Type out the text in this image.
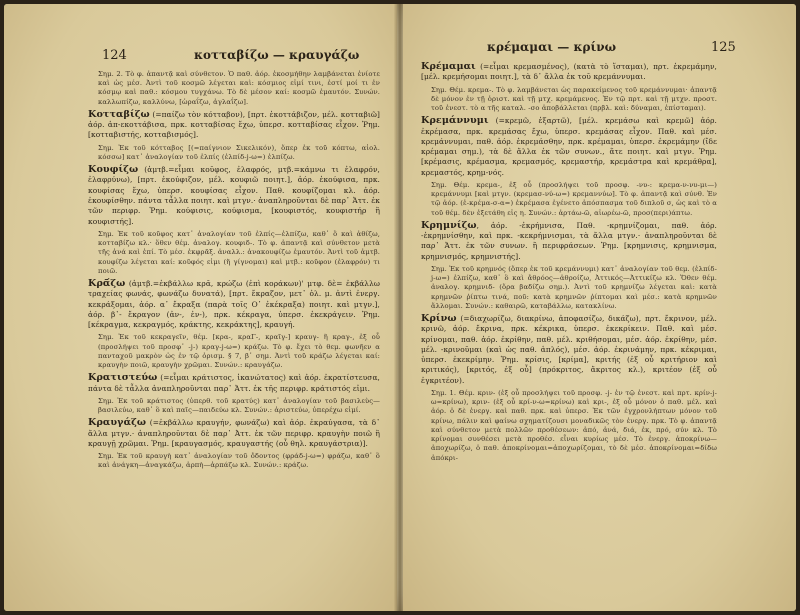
124	κοτταβίζω — κραυγάζω

Σημ. 2. Τὸ φ. ἀπαντᾷ καὶ σύνθετον. Ὁ παθ. ἀόρ. ἐκοσμήθην λαμβάνεται ἐνίοτε καὶ ὡς μέσ. Ἀντὶ τοῦ κοσμῶ λέγεται καὶ: κόσμιος εἰμί τινι, ἐστί μοί τι ἐν κόσμῳ καὶ παθ.: κόσμου τυγχάνω. Τὸ δὲ μέσον καί: κοσμῶ ἐμαυτόν. Συνών. καλλωπίζω, καλλύνω, [ὡραΐζω, ἀγλαΐζω].

Κοτταβίζω (=παίζω τὸν κότταβον), [πρτ. ἐκοττάβιζον, μέλ. κοτταβιῶ] ἀόρ. ἀπ-εκοττάβισα, πρκ. κοτταβίσας ἔχω, ὑπερσ. κοτταβίσας εἶχον. Ῥημ. [κοτταβιστής, κοτταβισμός].

Σημ. Ἐκ τοῦ κότταβος [(=παίγνιον Σικελικόν), ὅπερ ἐκ τοῦ κόπτω, αἰολ. κόσσω] κατ᾽ ἀναλογίαν τοῦ ἐλπίς (ἐλπίδ-j-ω=) ἐλπίζω.

Κουφίζω (ἀμτβ.=εἶμαι κοῦφος, ἐλαφρός, μτβ.=κάμνω τι ἐλαφρόν, ἐλαφρύνω), [πρτ. ἐκούφιζον, μέλ. κουφιῶ ποιητ.], ἀόρ. ἐκούφισα, πρκ. κουφίσας ἔχω, ὑπερσ. κουφίσας εἶχον. Παθ. κουφίζομαι κλ. ἀόρ. ἐκουφίσθην. πάντα τἆλλα ποιητ. καὶ μτγν.· ἀναπληροῦνται δὲ παρ᾽ Ἀττ. ἐκ τῶν περιφρ. Ῥημ. κούφισις, κούφισμα, [κουφιστός, κουφιστήρ ἢ κουφιστής].

Σημ. Ἐκ τοῦ κοῦφος κατ᾽ ἀναλογίαν τοῦ ἐλπίς—ἐλπίζω, καθ᾽ ὃ καὶ ἀθίζω, κοτταβίζω κλ.· ὅθεν θέμ. ἀναλογ. κουφιδ-. Τὸ φ. ἀπαντᾷ καὶ σύνθετον μετὰ τῆς ἀνά καὶ ἐπί. Τὸ μέσ. ἐκφρᾶξ. ἀναλλ.: ἀνακουφίζω ἐμαυτόν. Ἀντὶ τοῦ ἀμτβ. κουφίζω λέγεται καί: κοῦφός εἰμι (ἢ γίγνομαι) καὶ μτβ.: κοῦφον (ἐλαφρόν) τι ποιῶ.

Κρᾱ́ζω (ἀμτβ.=ἐκβάλλω κρᾶ, κρώζω (ἐπὶ κοράκων)' μτφ. δὲ= ἐκβάλλω τραχείας φωνάς, φωνάζω δυνατά), [πρτ. ἔκραζον, μετ᾽ ὀλ. μ. ἀντὶ ἐνεργ. κεκράξομαι, ἀόρ. α᾽ ἔκραξα (παρὰ τοῖς Ο᾽ ἐκέκραξα) ποιητ. καὶ μτγν.], ἀόρ. β᾽- ἔκραγον (ἀν-, ἐν-), πρκ. κέκραγα, ὑπερσ. ἐκεκράγειν. Ῥημ. [κέκραγμα, κεκραγμός, κράκτης, κεκράκτης], κραυγή.

Σημ. Ἐκ τοῦ κεκραγεῖν, θέμ. [κρα-, κραΓ-, κραῖγ-] κραυγ- ἢ κραγ-, ἐξ οὗ (προσλήψει τοῦ προσφ᾽ -j-) κραγ-j-ω=) κράζω. Τὸ φ. ἔχει τὸ θεμ. φωνῆεν α πανταχοῦ μακρὸν ὡς ἐν τῷ ὀρισμ. § 7, β᾽ σημ. Ἀντὶ τοῦ κράζω λέγεται καί: κραυγὴν ποιῶ, κραυγὴν χρῶμαι. Συνών.: κραυγάζω.

Κρατιστεύω (=εἶμαι κράτιστος, ἱκανώτατος) καὶ ἀόρ. ἐκρατίστευσα, πάντα δὲ τἆλλα ἀναπληροῦνται παρ᾽ Ἀττ. ἐκ τῆς περιφρ. κράτιστός εἰμι.

Σημ. Ἐκ τοῦ κράτιστος (ὑπερθ. τοῦ κρατύς) κατ᾽ ἀναλογίαν τοῦ βασιλεὺς—βασιλεύω, καθ᾽ ὃ καὶ παῖς—παιδεύω κλ. Συνών.: ἀριστεύω, ὑπερέχω εἰμί.

Κραυγάζω (=ἐκβάλλω κραυγήν, φωνάζω) καὶ ἀόρ. ἐκραύγασα, τὰ δ᾽ ἄλλα μτγν.· ἀναπληροῦνται δὲ παρ᾽ Ἀττ. ἐκ τῶν περιφρ. κραυγὴν ποιῶ ἢ κραυγῇ χρῶμαι. Ῥημ. [κραυγασμός, κραυγαστής (οὗ θηλ. κραυγάστρια)].

Σημ. Ἐκ τοῦ κραυγὴ κατ᾽ ἀναλογίαν τοῦ ὄδοντος (φράδ-j-ω=) φράζω, καθ᾽ ὃ καὶ ἀνάγκη—ἀναγκάζω, ἁρπὴ—ἁρπάζω κλ. Συνών.: κράζω.

κρέμαμαι — κρίνω	125

Κρέμαμαι (=εἶμαι κρεμασμένος), (κατὰ τὸ ἵσταμαι), πρτ. ἐκρεμάμην, [μέλ. κρεμήσομαι ποιητ.], τὰ δ᾽ ἄλλα ἐκ τοῦ κρεμάννυμαι.

Σημ. Θέμ. κρεμα-. Τὸ φ. λαμβάνεται ὡς παρακείμενος τοῦ κρεμάννυμαι· ἀπαντᾷ δὲ μόνον ἐν τῇ ὁριστ. καὶ τῇ μτχ. κρεμάμενος. Ἐν τῷ πρτ. καὶ τῇ μτχν. προστ. τοῦ ἐνεστ. τὸ α τῆς καταλ. -σο ἀποβάλλεται (πρβλ. καὶ: δύναμαι, ἐπίσταμαι).

Κρεμάννυμι (=κρεμῶ, ἐξαρτῶ), [μέλ. κρεμάσω καὶ κρεμῶ] ἀόρ. ἐκρέμασα, πρκ. κρεμάσας ἔχω, ὑπερσ. κρεμάσας εἶχον. Παθ. καὶ μέσ. κρεμάννυμαι, παθ. ἀόρ. ἐκρεμάσθην, πρκ. κρέμαμαι, ὑπερσ. ἐκρεμάμην (ἴδε κρέμαμαι σημ.), τὰ δὲ ἄλλα ἐκ τῶν συνων., ἅτε ποιητ. καὶ μτγν. Ῥημ. [κρέμασις, κρέμασμα, κρεμασμός, κρεμαστήρ, κρεμάστρα καὶ κρεμάθρα], κρεμαστός, κρημ-νός.

Σημ. Θέμ. κρεμα-, ἐξ οὗ (προσλήψει τοῦ προσφ. -νυ-: κρεμα-ν-νυ-μι—) κρεμάννυμι [καὶ μτγν. (κρεμασ-νύ-ω=) κρεμαννύω]. Τὸ φ. ἀπαντᾷ καὶ σύνθ. Ἐν τῷ ἀόρ. (ἐ-κρέμα-σ-α=) ἐκρέμασα ἐγένετο ἀπόσπασμα τοῦ διπλοῦ σ, ὡς καὶ τὸ α τοῦ θέμ. δὲν ἐξετάθη εἰς η. Συνών.: ἀρτάω-ῶ, αἰωρέω-ῶ, προσ(περι)άπτω.

Κρημνίζω, ἀόρ. -ἐκρήμνισα, Παθ. -κρημνίζομαι, παθ. ἀόρ. -ἐκρημνίσθην, καὶ πρκ. -κεκρήμνισμαι, τὰ ἄλλα μτγν.· ἀναπληροῦνται δὲ παρ᾽ Ἀττ. ἐκ τῶν συνων. ἢ περιφράσεων. Ῥημ. [κρημνισις, κρημνισμα, κρημνισμός, κρημνιστής].

Σημ. Ἐκ τοῦ κρημνός (ὅπερ ἐκ τοῦ κρεμάννυμι) κατ᾽ ἀναλογίαν τοῦ θεμ. (ἐλπίδ-j-ω=) ἐλπίζω, καθ᾽ ὃ καὶ ἄθρόος—ἀθροίζω, Ἀττικός—Ἀττικίζω κλ. Ὅθεν θέμ. ἀναλογ. κρημνιδ- (ὅρα βαδίζω σημ.). Ἀντὶ τοῦ κρημνίζω λέγεται καὶ: κατὰ κρημνῶν ῥίπτω τινά, ποῦ: κατὰ κρημνῶν ῥίπτομαι καὶ μέσ.: κατὰ κρημνῶν ἄλλομαι. Συνών.: καθαιρῶ, καταβάλλω, κατακλίνω.

Κρίνω (=διαχωρίζω, διακρίνω, ἀποφασίζω, δικάζω), πρτ. ἔκρινον, μέλ. κρινῶ, ἀόρ. ἔκρινα, πρκ. κέκρικα, ὑπερσ. ἐκεκρίκειν. Παθ. καὶ μέσ. κρίνομαι, παθ. ἀόρ. ἐκρίθην, παθ. μέλ. κριθήσομαι, μέσ. ἀόρ. ἐκρίθην, μέσ. μέλ. -κρινοῦμαι (καὶ ὡς παθ. ἁπλός), μέσ. ἀόρ. ἐκρινάμην, πρκ. κέκριμαι, ὑπερσ. ἐκεκρίμην. Ῥημ. κρίσις, [κρίμα], κριτής (ἐξ οὗ κριτήριον καὶ κριτικός), [κριτός, ἐξ οὗ] (πρόκριτος, ἄκριτος κλ.), κριτέον (ἐξ οὗ ἐγκριτέον).

Σημ. 1. Θέμ. κριν- (ἐξ οὗ προσλήψει τοῦ προσφ. -j- ἐν τῷ ἐνεστ. καὶ πρτ. κρίν-j-ω=κρίνω), κριν- (ἐξ οὗ κρί-ν-ω=κρίνω) καὶ κρι-, ἐξ οὗ μόνον ὁ παθ. μέλ. καὶ ἀόρ. ὁ δὲ ἐνεργ. καὶ παθ. πρκ. καὶ ὑπερσ. Ἐκ τῶν ἐγχρονλήπτων μόνον τοῦ κρίνω, πάλιν καὶ φαίνω σχηματίζουσι μοναδικῶς τὸν ἐνεργ. πρκ. Τὸ φ. ἀπαντᾷ καὶ σύνθετον μετὰ πολλῶν προθέσεων: ἀπό, ἀνά, διά, ἐκ, πρό, σύν κλ. Τὸ κρίνομαι συνθέσει μετὰ προθέσ. εἶναι κυρίως μέσ. Τὸ ἐνεργ. ἀποκρίνω—ἀποχωρίζω, ὁ παθ. ἀποκρίνομαι=ἀποχωρίζομαι, τὸ δὲ μέσ. ἀποκρίνομαι=δίδω ἀπόκρι-
